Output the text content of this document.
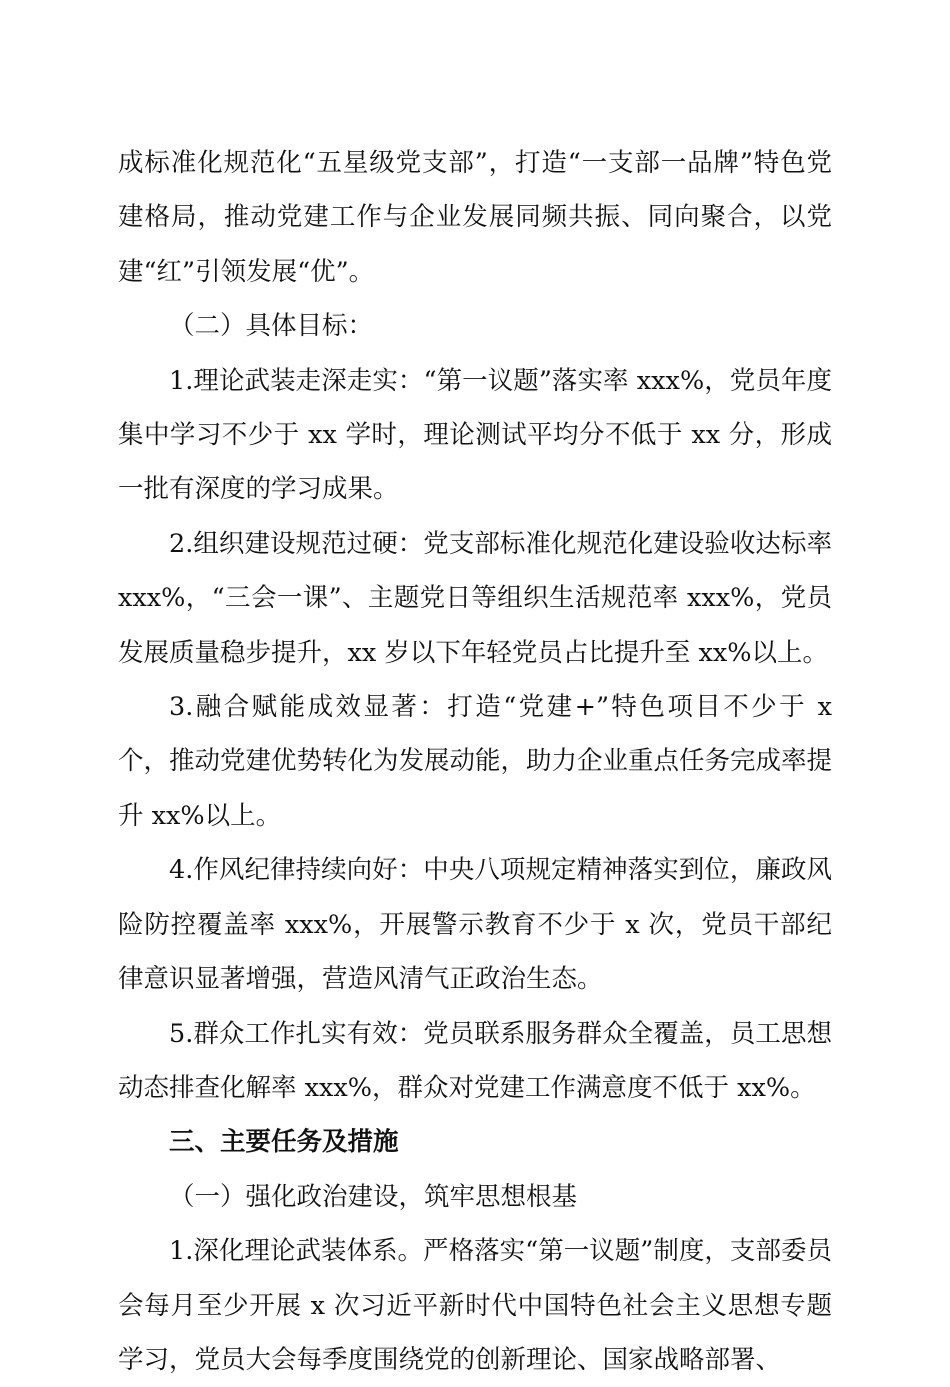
成标准化规范化“五星级党支部”，打造“一支部一品牌”特色党建格局，推动党建工作与企业发展同频共振、同向聚合，以党建“红”引领发展“优”。

（二）具体目标：

1.理论武装走深走实：“第一议题”落实率 xxx%，党员年度集中学习不少于 xx 学时，理论测试平均分不低于 xx 分，形成一批有深度的学习成果。

2.组织建设规范过硬：党支部标准化规范化建设验收达标率 xxx%，“三会一课”、主题党日等组织生活规范率 xxx%，党员发展质量稳步提升，xx 岁以下年轻党员占比提升至 xx%以上。

3.融合赋能成效显著：打造“党建+”特色项目不少于 x 个，推动党建优势转化为发展动能，助力企业重点任务完成率提升 xx%以上。

4.作风纪律持续向好：中央八项规定精神落实到位，廉政风险防控覆盖率 xxx%，开展警示教育不少于 x 次，党员干部纪律意识显著增强，营造风清气正政治生态。

5.群众工作扎实有效：党员联系服务群众全覆盖，员工思想动态排查化解率 xxx%，群众对党建工作满意度不低于 xx%。

三、主要任务及措施

（一）强化政治建设，筑牢思想根基

1.深化理论武装体系。严格落实“第一议题”制度，支部委员会每月至少开展 x 次习近平新时代中国特色社会主义思想专题学习，党员大会每季度围绕党的创新理论、国家战略部署、
